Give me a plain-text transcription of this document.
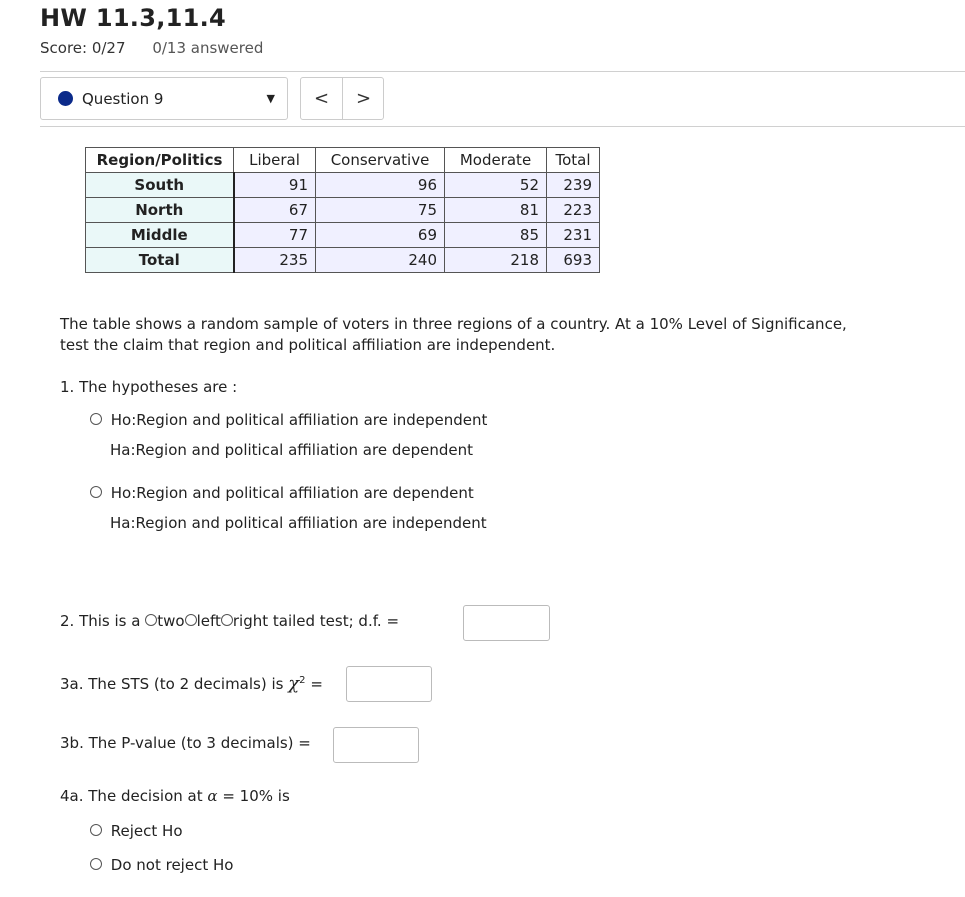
HW 11.3,11.4
Score: 0/27 0/13 answered
Question 9	▼	<	>
Region/Politics	Liberal	Conservative	Moderate	Total
South	91	96	52	239
North	67	75	81	223
Middle	77	69	85	231
Total	235	240	218	693
The table shows a random sample of voters in three regions of a country. At a 10% Level of Significance,
test the claim that region and political affiliation are independent.
1. The hypotheses are :
Ho:Region and political affiliation are independent
Ha:Region and political affiliation are dependent
Ho:Region and political affiliation are dependent
Ha:Region and political affiliation are independent
2. This is a two left right tailed test; d.f. =
3a. The STS (to 2 decimals) is $\chi^2$ =
3b. The P-value (to 3 decimals) =
4a. The decision at α = 10% is
Reject Ho
Do not reject Ho
